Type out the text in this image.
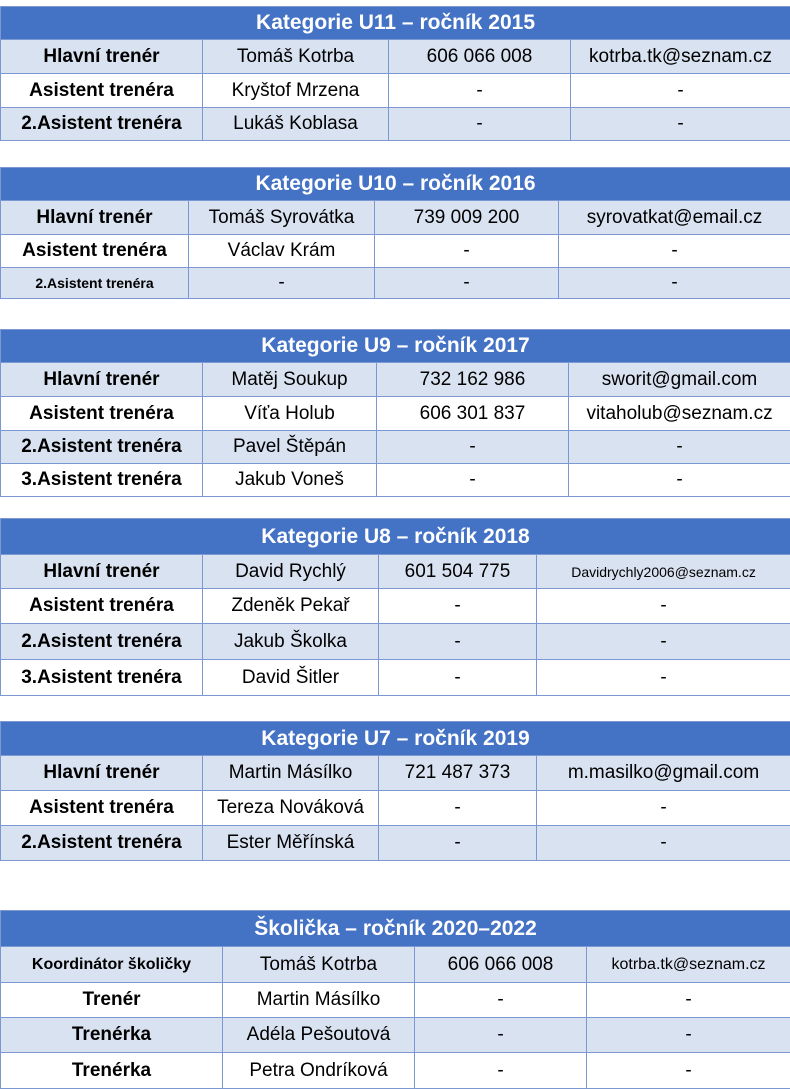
Kategorie U11 – ročník 2015			
Hlavní trenér	Tomáš Kotrba	606 066 008	kotrba.tk@seznam.cz
Asistent trenéra	Kryštof Mrzena	-	-
2.Asistent trenéra	Lukáš Koblasa	-	-
Kategorie U10 – ročník 2016			
Hlavní trenér	Tomáš Syrovátka	739 009 200	syrovatkat@email.cz
Asistent trenéra	Václav Krám	-	-
2.Asistent trenéra	-	-	-
Kategorie U9 – ročník 2017			
Hlavní trenér	Matěj Soukup	732 162 986	sworit@gmail.com
Asistent trenéra	Víťa Holub	606 301 837	vitaholub@seznam.cz
2.Asistent trenéra	Pavel Štěpán	-	-
3.Asistent trenéra	Jakub Voneš	-	-
Kategorie U8 – ročník 2018			
Hlavní trenér	David Rychlý	601 504 775	Davidrychly2006@seznam.cz
Asistent trenéra	Zdeněk Pekař	-	-
2.Asistent trenéra	Jakub Školka	-	-
3.Asistent trenéra	David Šitler	-	-
Kategorie U7 – ročník 2019			
Hlavní trenér	Martin Másílko	721 487 373	m.masilko@gmail.com
Asistent trenéra	Tereza Nováková	-	-
2.Asistent trenéra	Ester Měřínská	-	-
Školička – ročník 2020–2022			
Koordinátor školičky	Tomáš Kotrba	606 066 008	kotrba.tk@seznam.cz
Trenér	Martin Másílko	-	-
Trenérka	Adéla Pešoutová	-	-
Trenérka	Petra Ondríková	-	-
